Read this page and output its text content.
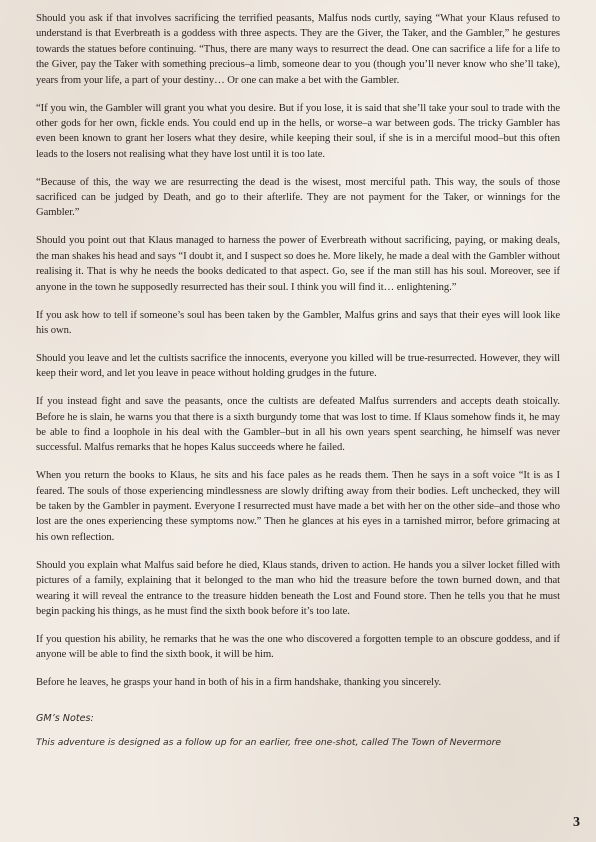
Should you ask if that involves sacrificing the terrified peasants, Malfus nods curtly, saying “What your Klaus refused to understand is that Everbreath is a goddess with three aspects. They are the Giver, the Taker, and the Gambler,” he gestures towards the statues before continuing. “Thus, there are many ways to resurrect the dead. One can sacrifice a life for a life to the Giver, pay the Taker with something precious–a limb, someone dear to you (though you’ll never know who she’ll take), years from your life, a part of your destiny… Or one can make a bet with the Gambler.

“If you win, the Gambler will grant you what you desire. But if you lose, it is said that she’ll take your soul to trade with the other gods for her own, fickle ends. You could end up in the hells, or worse–a war between gods. The tricky Gambler has even been known to grant her losers what they desire, while keeping their soul, if she is in a merciful mood–but this often leads to the losers not realising what they have lost until it is too late.

“Because of this, the way we are resurrecting the dead is the wisest, most merciful path. This way, the souls of those sacrificed can be judged by Death, and go to their afterlife. They are not payment for the Taker, or winnings for the Gambler.”

Should you point out that Klaus managed to harness the power of Everbreath without sacrificing, paying, or making deals, the man shakes his head and says “I doubt it, and I suspect so does he. More likely, he made a deal with the Gambler without realising it. That is why he needs the books dedicated to that aspect. Go, see if the man still has his soul. Moreover, see if anyone in the town he supposedly resurrected has their soul. I think you will find it… enlightening.”

If you ask how to tell if someone’s soul has been taken by the Gambler, Malfus grins and says that their eyes will look like his own.

Should you leave and let the cultists sacrifice the innocents, everyone you killed will be true-resurrected. However, they will keep their word, and let you leave in peace without holding grudges in the future.

If you instead fight and save the peasants, once the cultists are defeated Malfus surrenders and accepts death stoically. Before he is slain, he warns you that there is a sixth burgundy tome that was lost to time. If Klaus somehow finds it, he may be able to find a loophole in his deal with the Gambler–but in all his own years spent searching, he himself was never successful. Malfus remarks that he hopes Kalus succeeds where he failed.

When you return the books to Klaus, he sits and his face pales as he reads them. Then he says in a soft voice “It is as I feared. The souls of those experiencing mindlessness are slowly drifting away from their bodies. Left unchecked, they will be taken by the Gambler in payment. Everyone I resurrected must have made a bet with her on the other side–and those who lost are the ones experiencing these symptoms now.” Then he glances at his eyes in a tarnished mirror, before grimacing at his own reflection.

Should you explain what Malfus said before he died, Klaus stands, driven to action. He hands you a silver locket filled with pictures of a family, explaining that it belonged to the man who hid the treasure before the town burned down, and that wearing it will reveal the entrance to the treasure hidden beneath the Lost and Found store. Then he tells you that he must begin packing his things, as he must find the sixth book before it’s too late.

If you question his ability, he remarks that he was the one who discovered a forgotten temple to an obscure goddess, and if anyone will be able to find the sixth book, it will be him.

Before he leaves, he grasps your hand in both of his in a firm handshake, thanking you sincerely.

GM’s Notes:

This adventure is designed as a follow up for an earlier, free one-shot, called The Town of Nevermore

3
